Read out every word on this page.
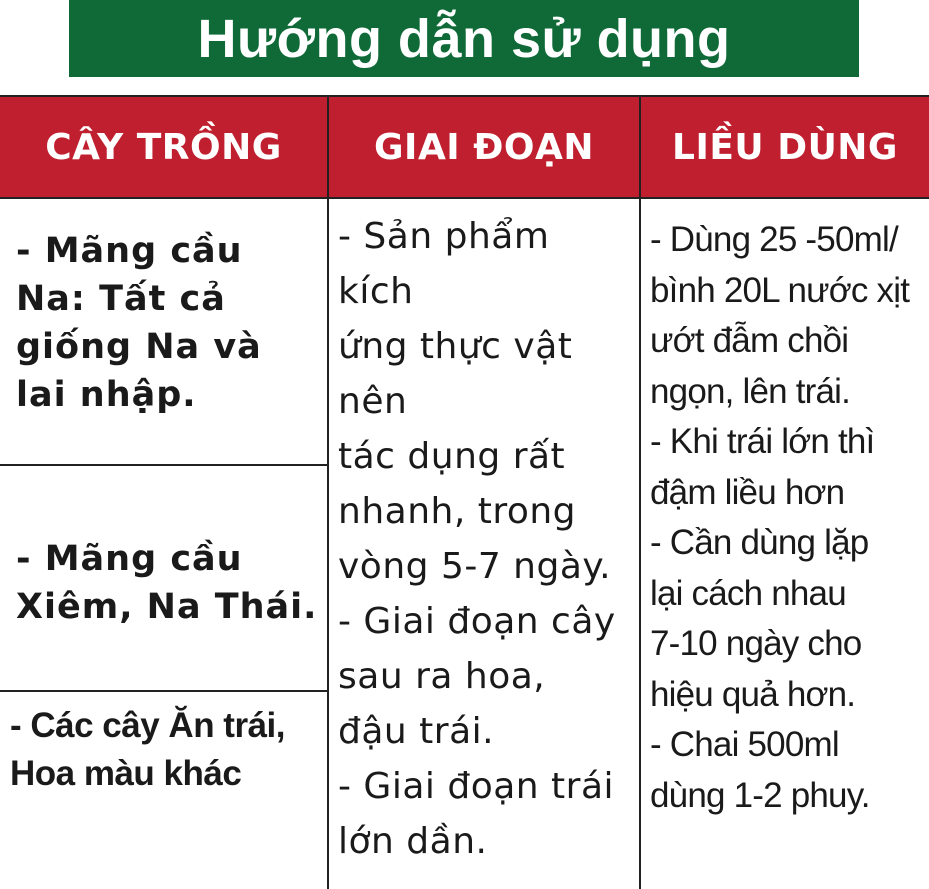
Hướng dẫn sử dụng
CÂY TRỒNG	GIAI ĐOẠN	LIỀU DÙNG
- Mãng cầu
Na: Tất cả
giống Na và
lai nhập.
- Mãng cầu
Xiêm, Na Thái.
- Các cây Ăn trái,
Hoa màu khác
- Sản phẩm kích
ứng thực vật nên
tác dụng rất
nhanh, trong
vòng 5-7 ngày.
- Giai đoạn cây
sau ra hoa,
đậu trái.
- Giai đoạn trái
lớn dần.
- Dùng 25 -50ml/
bình 20L nước xịt
ướt đẫm chồi
ngọn, lên trái.
- Khi trái lớn thì
đậm liều hơn
- Cần dùng lặp
lại cách nhau
7-10 ngày cho
hiệu quả hơn.
- Chai 500ml
dùng 1-2 phuy.
